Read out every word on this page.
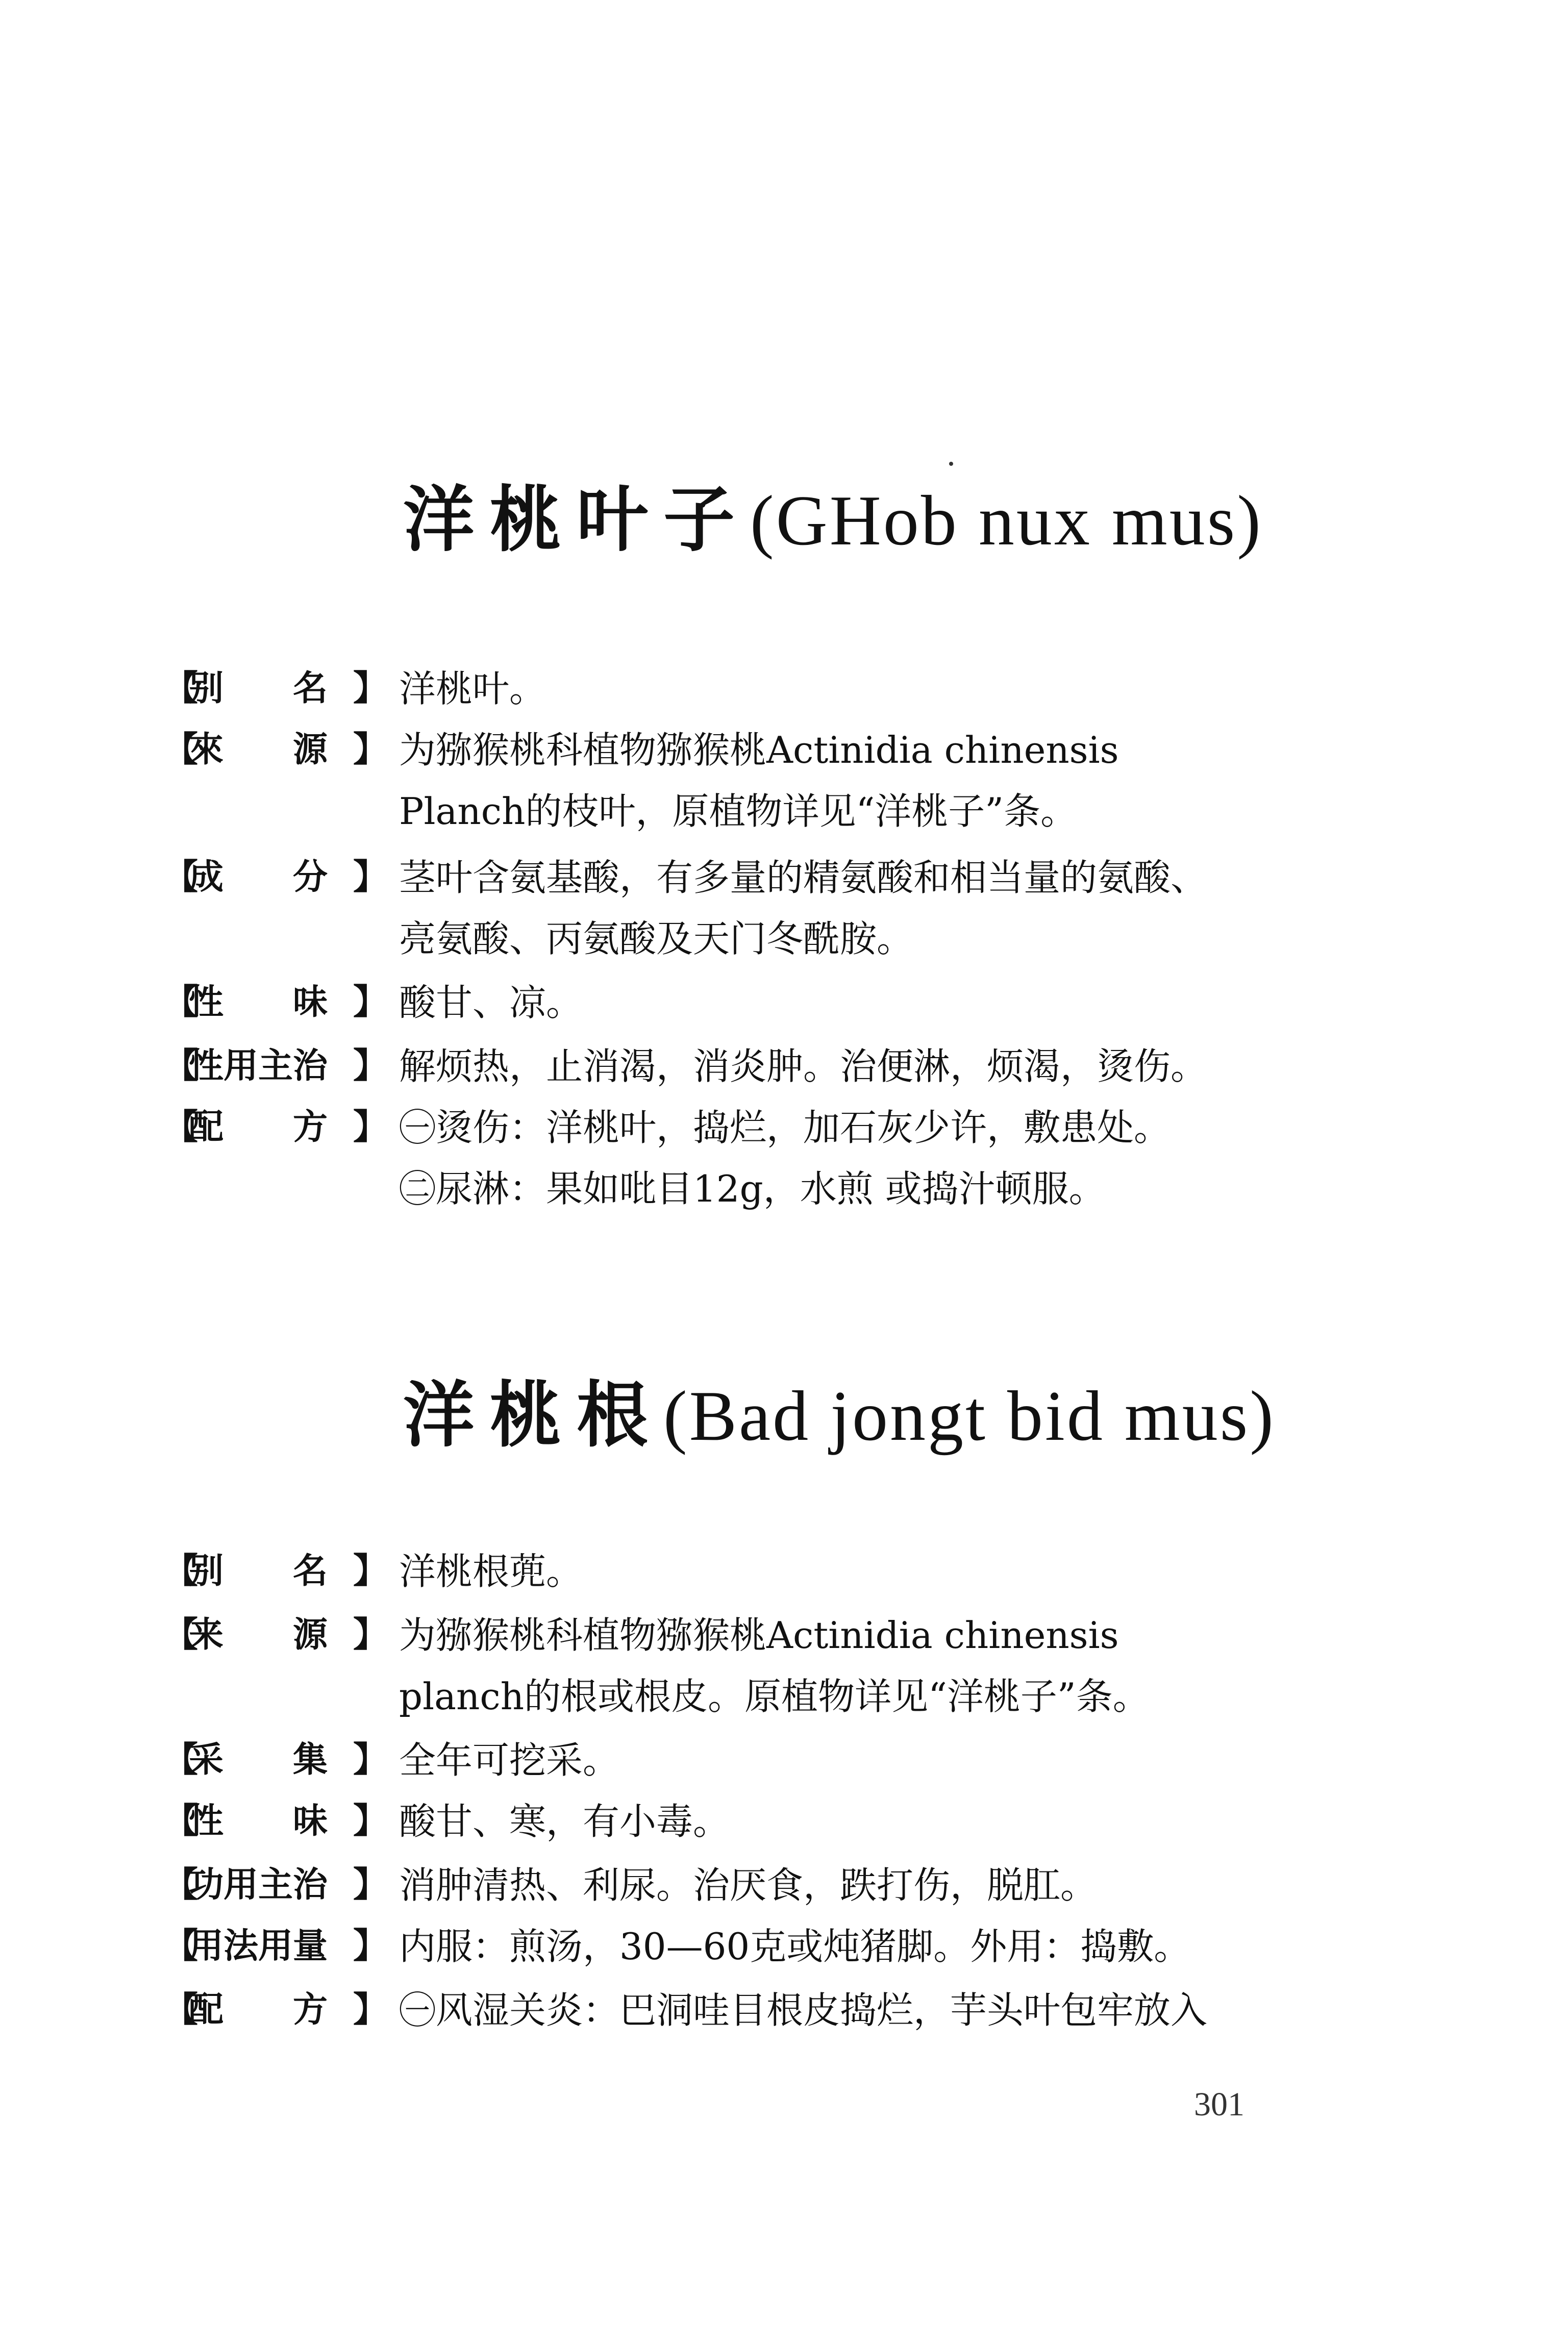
洋桃叶子(GHob nux mus)
【
别　　名 】 洋桃叶。
【
來　　源 】 为猕猴桃科植物猕猴桃Actinidia chinensis
Planch的枝叶，原植物详见“洋桃子”条。
【
成　　分 】 茎叶含氨基酸，有多量的精氨酸和相当量的氨酸、
亮氨酸、丙氨酸及天门冬酰胺。
【
性　　味 】 酸甘、凉。
【
性用主治 】 解烦热，止消渴，消炎肿。治便淋，烦渴，烫伤。
【
配　　方 】 ㊀烫伤：洋桃叶，捣烂，加石灰少许，敷患处。
㊁尿淋：果如吡目12g，水煎 或捣汁顿服。
洋桃根(Bad jongt bid mus)
【
别　　名 】 洋桃根蔸。
【
来　　源 】 为猕猴桃科植物猕猴桃Actinidia chinensis
planch的根或根皮。原植物详见“洋桃子”条。
【
采　　集 】 全年可挖采。
【
性　　味 】 酸甘、寒，有小毒。
【
功用主治 】 消肿清热、利尿。治厌食，跌打伤，脱肛。
【
用法用量 】 内服：煎汤，30—60克或炖猪脚。外用：捣敷。
【
配　　方 】 ㊀风湿关炎：巴洞哇目根皮捣烂，芋头叶包牢放入
301
